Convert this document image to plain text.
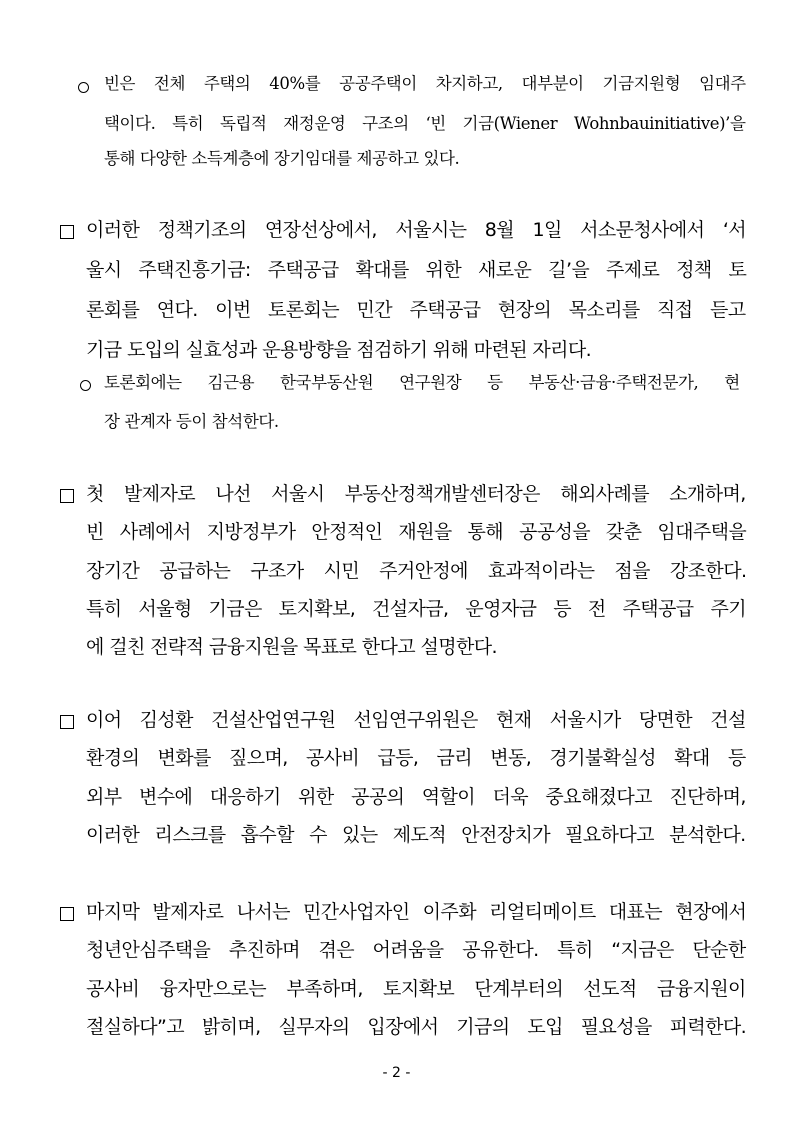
빈은 전체 주택의 40%를 공공주택이 차지하고, 대부분이 기금지원형 임대주
택이다. 특히 독립적 재정운영 구조의 ‘빈 기금(Wiener Wohnbauinitiative)’을
통해 다양한 소득계층에 장기임대를 제공하고 있다.
이러한 정책기조의 연장선상에서, 서울시는 8월 1일 서소문청사에서 ‘서
울시 주택진흥기금: 주택공급 확대를 위한 새로운 길’을 주제로 정책 토
론회를 연다. 이번 토론회는 민간 주택공급 현장의 목소리를 직접 듣고
기금 도입의 실효성과 운용방향을 점검하기 위해 마련된 자리다.
토론회에는 김근용 한국부동산원 연구원장 등 부동산·금융·주택전문가, 현
장 관계자 등이 참석한다.
첫 발제자로 나선 서울시 부동산정책개발센터장은 해외사례를 소개하며,
빈 사례에서 지방정부가 안정적인 재원을 통해 공공성을 갖춘 임대주택을
장기간 공급하는 구조가 시민 주거안정에 효과적이라는 점을 강조한다.
특히 서울형 기금은 토지확보, 건설자금, 운영자금 등 전 주택공급 주기
에 걸친 전략적 금융지원을 목표로 한다고 설명한다.
이어 김성환 건설산업연구원 선임연구위원은 현재 서울시가 당면한 건설
환경의 변화를 짚으며, 공사비 급등, 금리 변동, 경기불확실성 확대 등
외부 변수에 대응하기 위한 공공의 역할이 더욱 중요해졌다고 진단하며,
이러한 리스크를 흡수할 수 있는 제도적 안전장치가 필요하다고 분석한다.
마지막 발제자로 나서는 민간사업자인 이주화 리얼티메이트 대표는 현장에서
청년안심주택을 추진하며 겪은 어려움을 공유한다. 특히 “지금은 단순한
공사비 융자만으로는 부족하며, 토지확보 단계부터의 선도적 금융지원이
절실하다”고 밝히며, 실무자의 입장에서 기금의 도입 필요성을 피력한다.
- 2 -
